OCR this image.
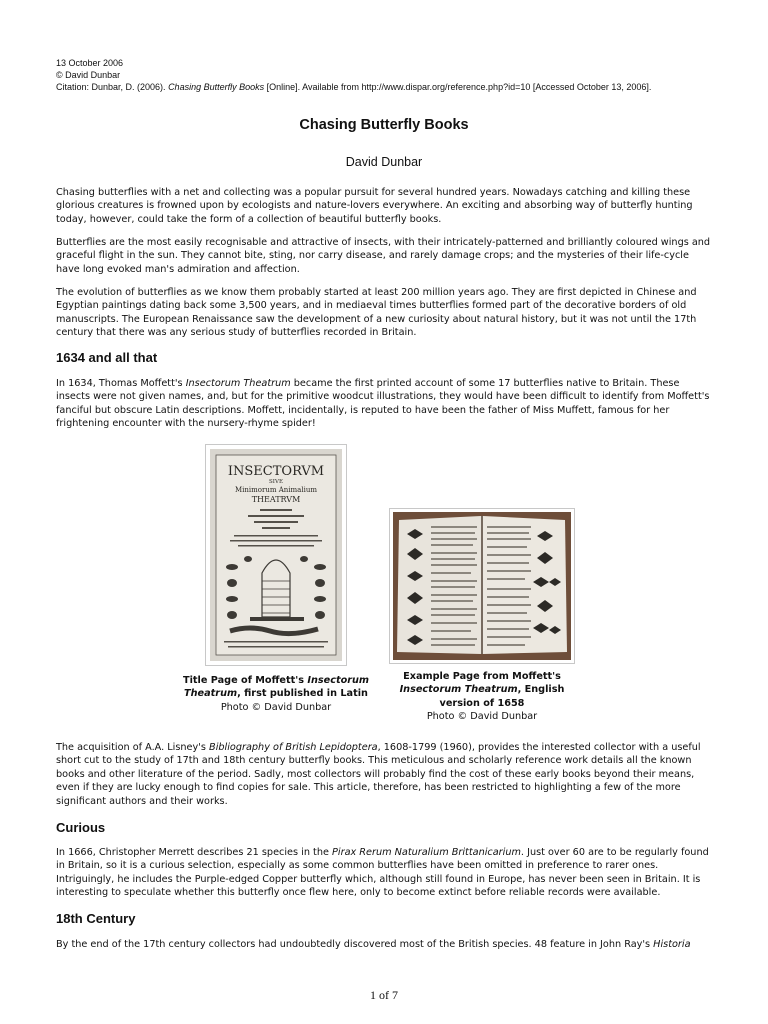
13 October 2006
© David Dunbar
Citation: Dunbar, D. (2006). Chasing Butterfly Books [Online]. Available from http://www.dispar.org/reference.php?id=10 [Accessed October 13, 2006].
Chasing Butterfly Books
David Dunbar

Chasing butterflies with a net and collecting was a popular pursuit for several hundred years. Nowadays catching and killing these glorious creatures is frowned upon by ecologists and nature-lovers everywhere. An exciting and absorbing way of butterfly hunting today, however, could take the form of a collection of beautiful butterfly books.

Butterflies are the most easily recognisable and attractive of insects, with their intricately-patterned and brilliantly coloured wings and graceful flight in the sun. They cannot bite, sting, nor carry disease, and rarely damage crops; and the mysteries of their life-cycle have long evoked man's admiration and affection.

The evolution of butterflies as we know them probably started at least 200 million years ago. They are first depicted in Chinese and Egyptian paintings dating back some 3,500 years, and in mediaeval times butterflies formed part of the decorative borders of old manuscripts. The European Renaissance saw the development of a new curiosity about natural history, but it was not until the 17th century that there was any serious study of butterflies recorded in Britain.

1634 and all that

In 1634, Thomas Moffett's Insectorum Theatrum became the first printed account of some 17 butterflies native to Britain. These insects were not given names, and, but for the primitive woodcut illustrations, they would have been difficult to identify from Moffett's fanciful but obscure Latin descriptions. Moffett, incidentally, is reputed to have been the father of Miss Muffett, famous for her frightening encounter with the nursery-rhyme spider!

INSECTORVM
SIVE
Minimorum Animalium
THEATRVM
Title Page of Moffett's Insectorum Theatrum, first published in Latin
Photo © David Dunbar
Example Page from Moffett's Insectorum Theatrum, English version of 1658
Photo © David Dunbar

The acquisition of A.A. Lisney's Bibliography of British Lepidoptera, 1608-1799 (1960), provides the interested collector with a useful short cut to the study of 17th and 18th century butterfly books. This meticulous and scholarly reference work details all the known books and other literature of the period. Sadly, most collectors will probably find the cost of these early books beyond their means, even if they are lucky enough to find copies for sale. This article, therefore, has been restricted to highlighting a few of the more significant authors and their works.

Curious

In 1666, Christopher Merrett describes 21 species in the Pirax Rerum Naturalium Brittanicarium. Just over 60 are to be regularly found in Britain, so it is a curious selection, especially as some common butterflies have been omitted in preference to rarer ones. Intriguingly, he includes the Purple-edged Copper butterfly which, although still found in Europe, has never been seen in Britain. It is interesting to speculate whether this butterfly once flew here, only to become extinct before reliable records were available.

18th Century

By the end of the 17th century collectors had undoubtedly discovered most of the British species. 48 feature in John Ray's Historia

1 of 7
